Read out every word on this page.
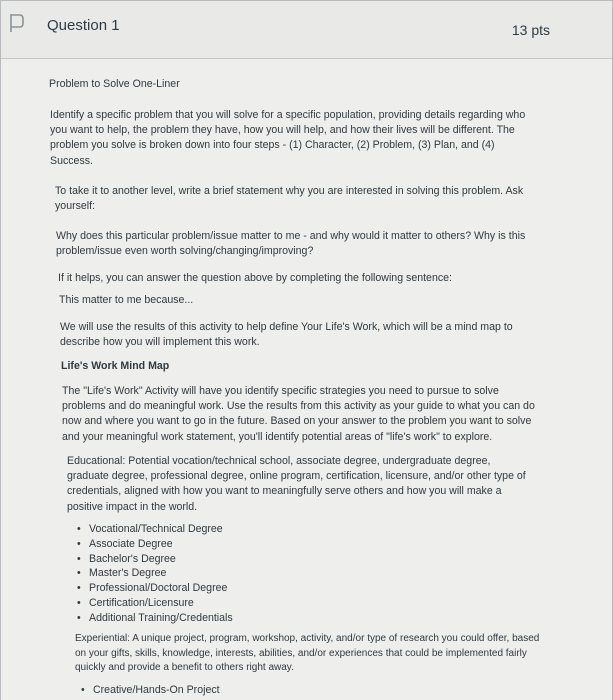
Question 1	13 pts
Problem to Solve One-Liner
Identify a specific problem that you will solve for a specific population, providing details regarding who you want to help, the problem they have, how you will help, and how their lives will be different. The problem you solve is broken down into four steps - (1) Character, (2) Problem, (3) Plan, and (4) Success.
To take it to another level, write a brief statement why you are interested in solving this problem. Ask yourself:
Why does this particular problem/issue matter to me - and why would it matter to others? Why is this problem/issue even worth solving/changing/improving?
If it helps, you can answer the question above by completing the following sentence:
This matter to me because...
We will use the results of this activity to help define Your Life's Work, which will be a mind map to describe how you will implement this work.
Life's Work Mind Map
The "Life's Work" Activity will have you identify specific strategies you need to pursue to solve problems and do meaningful work. Use the results from this activity as your guide to what you can do now and where you want to go in the future. Based on your answer to the problem you want to solve and your meaningful work statement, you'll identify potential areas of "life's work" to explore.
Educational: Potential vocation/technical school, associate degree, undergraduate degree, graduate degree, professional degree, online program, certification, licensure, and/or other type of credentials, aligned with how you want to meaningfully serve others and how you will make a positive impact in the world.
• Vocational/Technical Degree
• Associate Degree
• Bachelor's Degree
• Master's Degree
• Professional/Doctoral Degree
• Certification/Licensure
• Additional Training/Credentials
Experiential: A unique project, program, workshop, activity, and/or type of research you could offer, based on your gifts, skills, knowledge, interests, abilities, and/or experiences that could be implemented fairly quickly and provide a benefit to others right away.
• Creative/Hands-On Project
